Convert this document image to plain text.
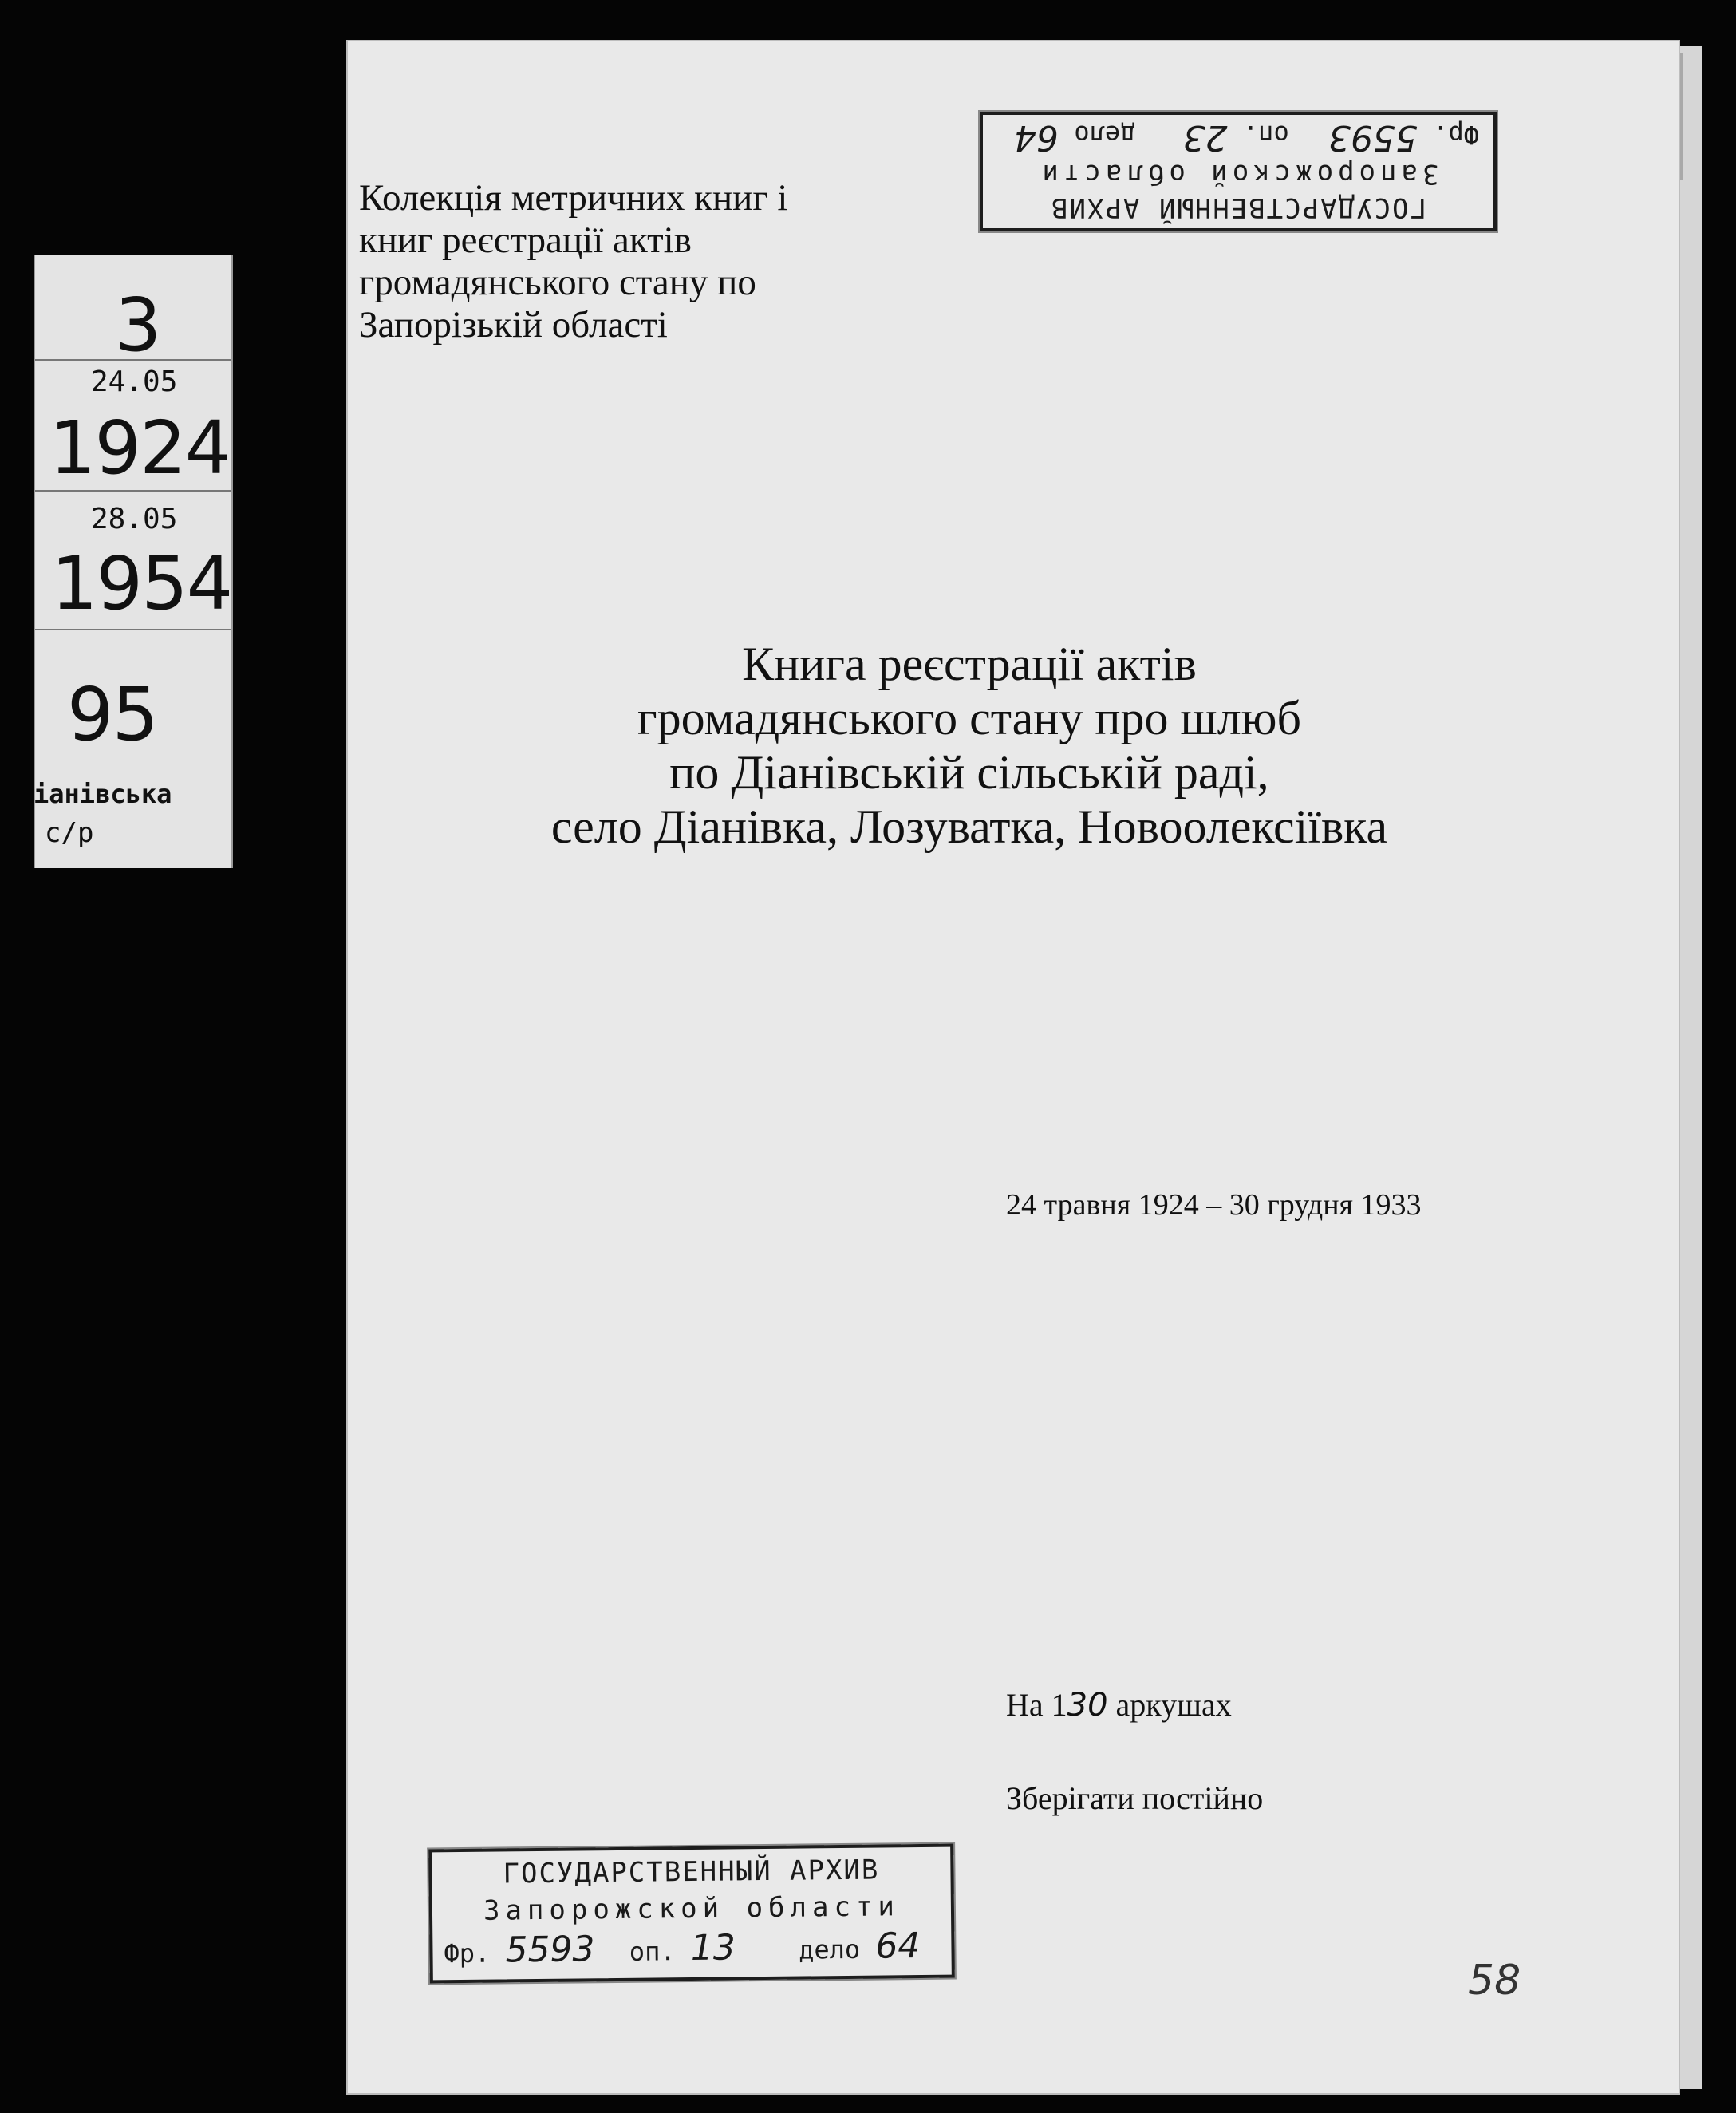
3
24.05
1924
28.05
1954
95
іанівська
с/р
ГОСУДАРСТВЕННЫЙ АРХИВ
Запорожской области
Фр. 5593 оп. 23 дело 64
Колекція метричних книг і
книг реєстрації актів
громадянського стану по
Запорізькій області
Книга реєстрації актів
громадянського стану про шлюб
по Діанівській сільській раді,
село Діанівка, Лозуватка, Новоолексіївка
24 травня 1924 – 30 грудня 1933
На 130 аркушах
Зберігати постійно
ГОСУДАРСТВЕННЫЙ АРХИВ
Запорожской области
Фр. 5593 оп. 13 дело 64
58
